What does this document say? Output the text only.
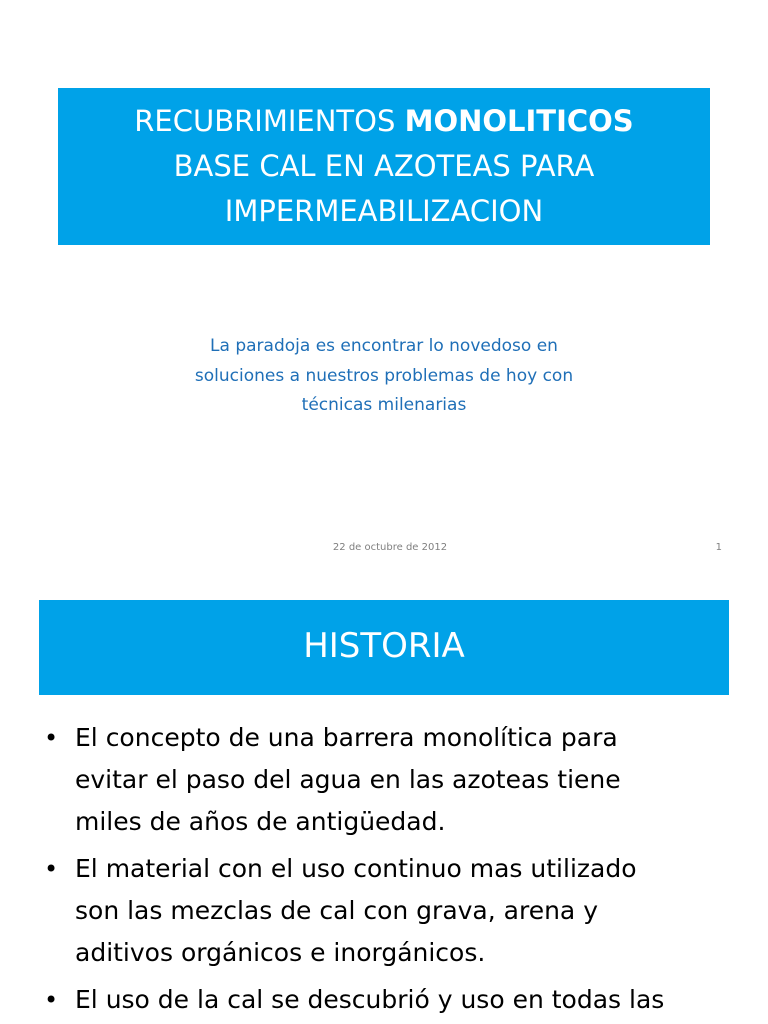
RECUBRIMIENTOS MONOLITICOS
BASE CAL EN AZOTEAS PARA
IMPERMEABILIZACION
La paradoja es encontrar lo novedoso en
soluciones a nuestros problemas de hoy con
técnicas milenarias
22 de octubre de 2012	1
HISTORIA
• El concepto de una barrera monolítica para
evitar el paso del agua en las azoteas tiene
miles de años de antigüedad.
• El material con el uso continuo mas utilizado
son las mezclas de cal con grava, arena y
aditivos orgánicos e inorgánicos.
• El uso de la cal se descubrió y uso en todas las
